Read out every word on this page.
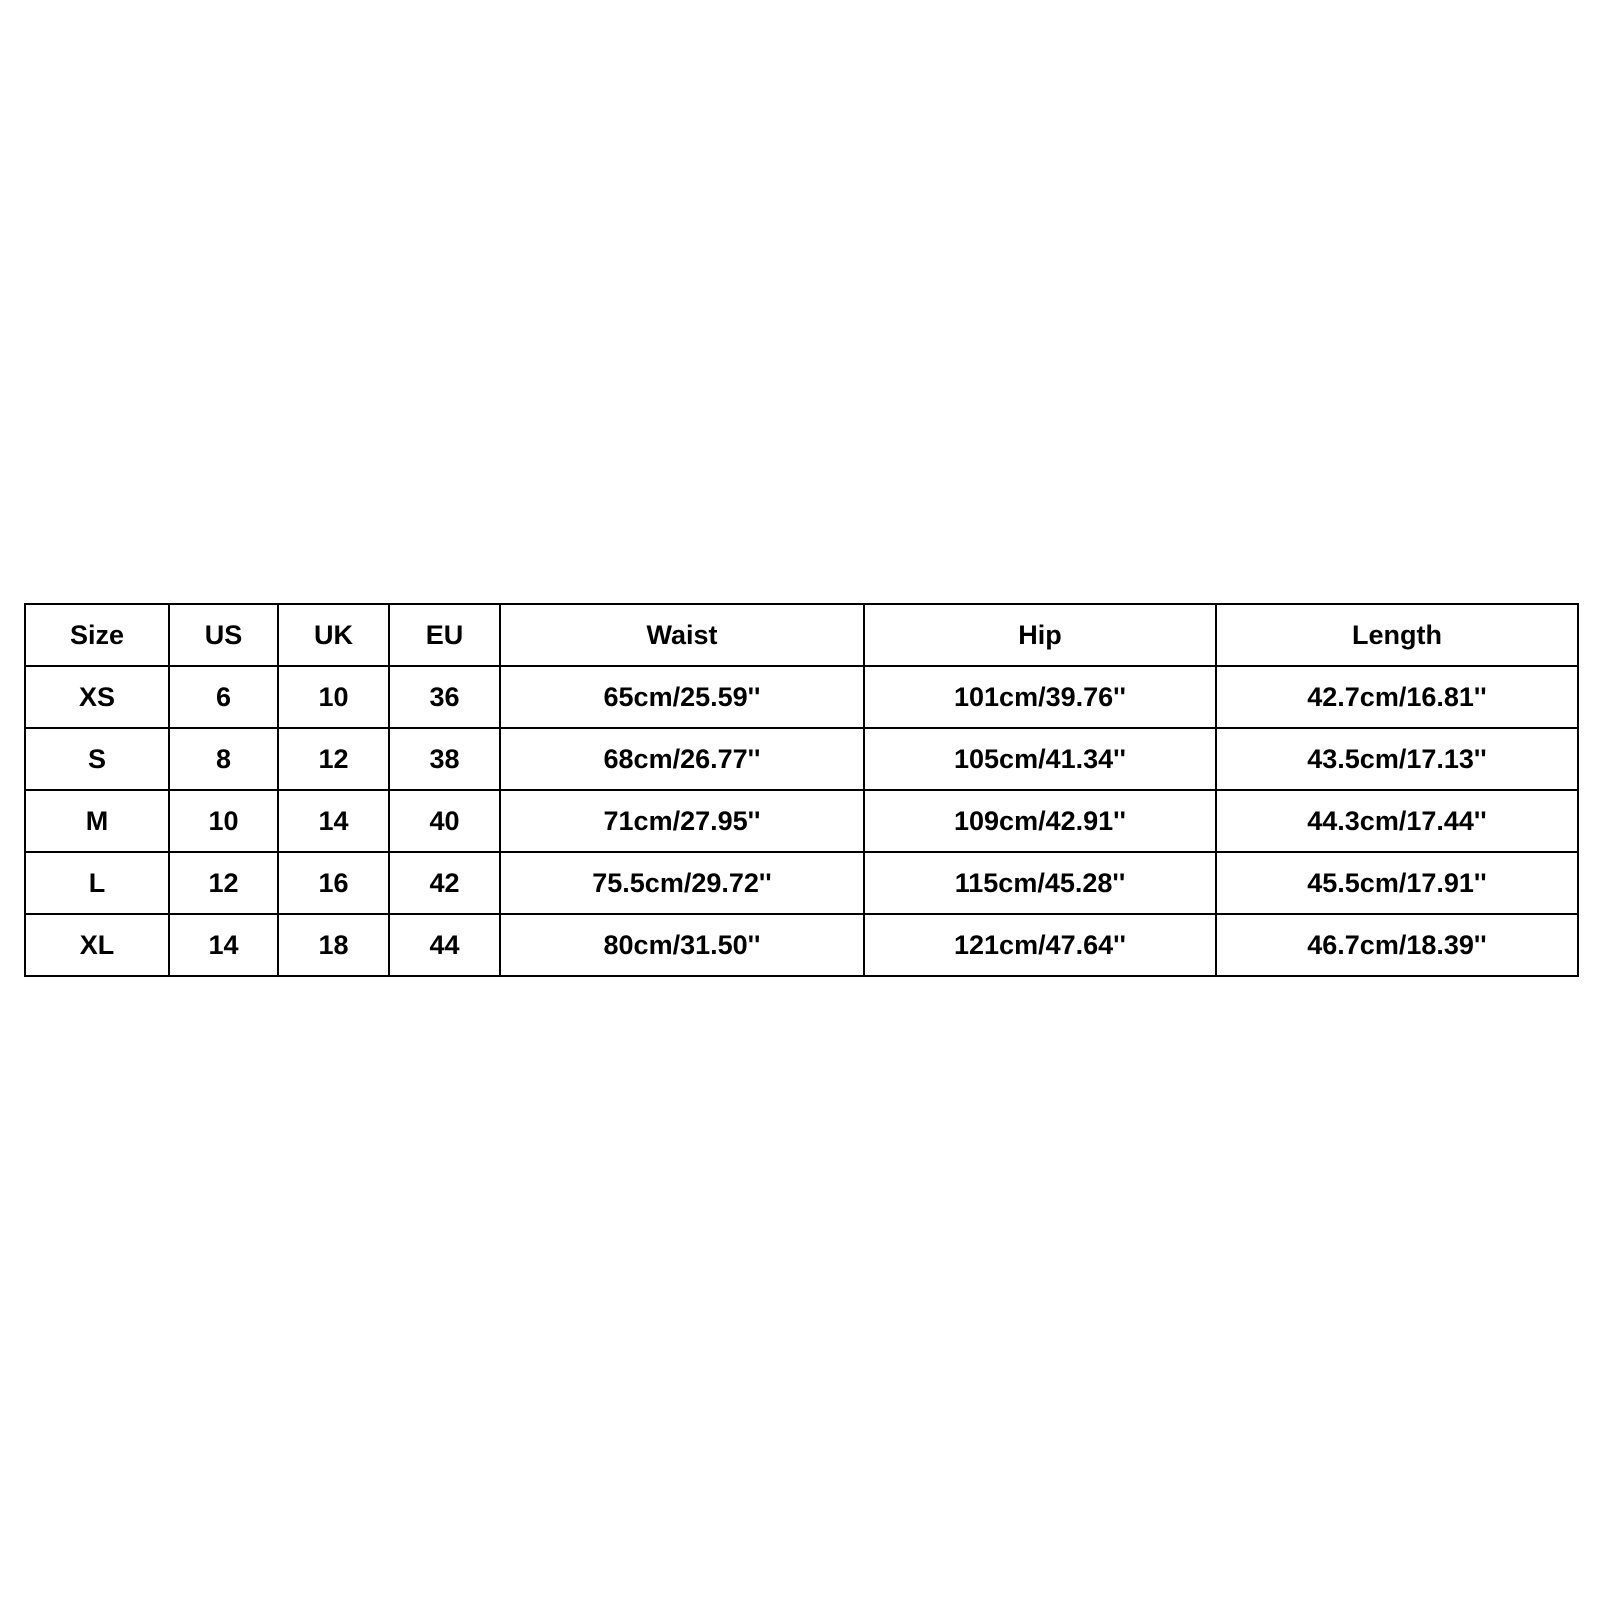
Size	US	UK	EU	Waist	Hip	Length
XS	6	10	36	65cm/25.59''	101cm/39.76''	42.7cm/16.81''
S	8	12	38	68cm/26.77''	105cm/41.34''	43.5cm/17.13''
M	10	14	40	71cm/27.95''	109cm/42.91''	44.3cm/17.44''
L	12	16	42	75.5cm/29.72''	115cm/45.28''	45.5cm/17.91''
XL	14	18	44	80cm/31.50''	121cm/47.64''	46.7cm/18.39''
